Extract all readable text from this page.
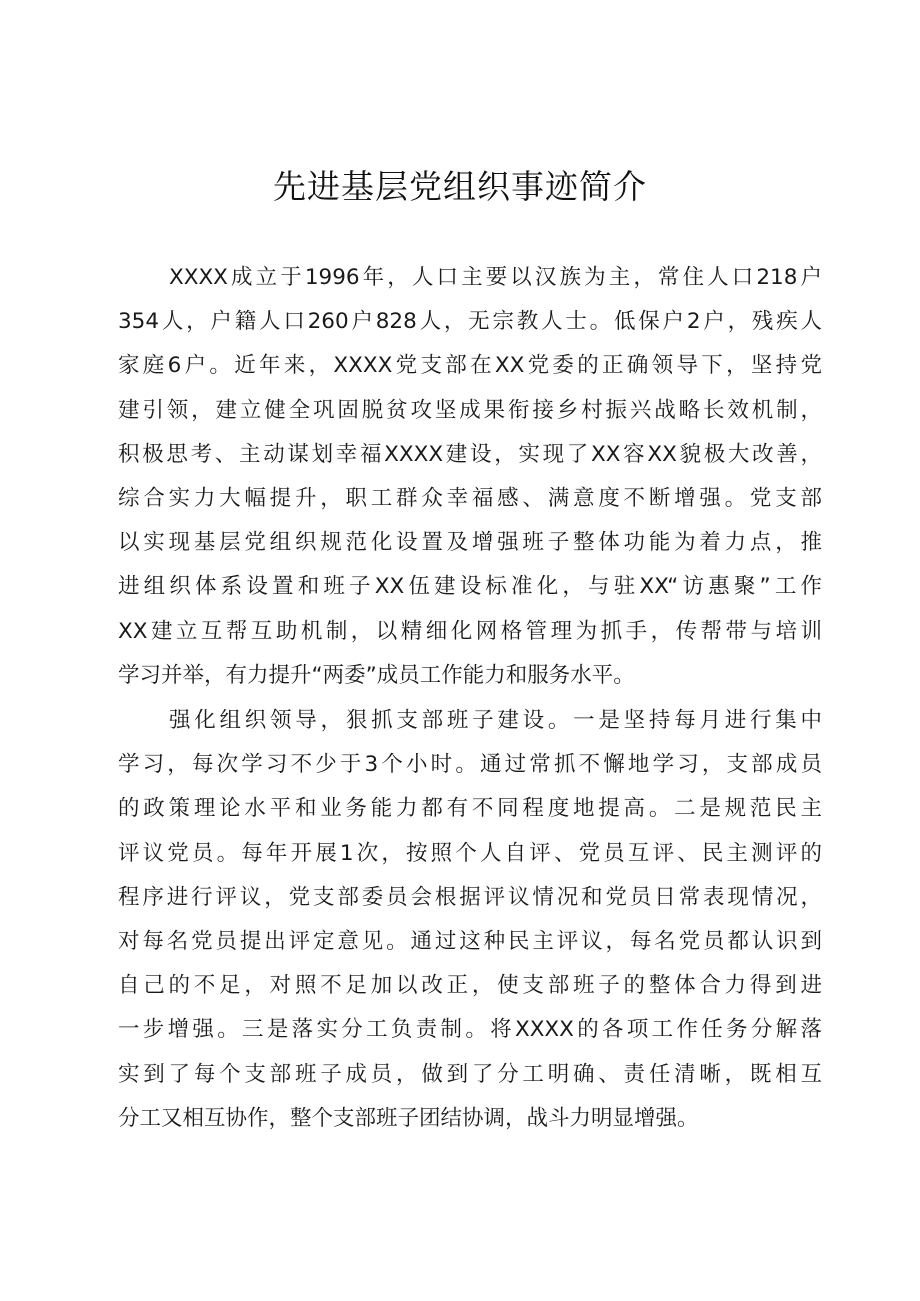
先进基层党组织事迹简介
XXXX成立于1996年，人口主要以汉族为主，常住人口218户
354人，户籍人口260户828人，无宗教人士。低保户2户，残疾人
家庭6户。近年来，XXXX党支部在XX党委的正确领导下，坚持党
建引领，建立健全巩固脱贫攻坚成果衔接乡村振兴战略长效机制，
积极思考、主动谋划幸福XXXX建设，实现了XX容XX貌极大改善，
综合实力大幅提升，职工群众幸福感、满意度不断增强。党支部
以实现基层党组织规范化设置及增强班子整体功能为着力点，推
进组织体系设置和班子XX伍建设标准化，与驻XX“访惠聚”工作
XX建立互帮互助机制，以精细化网格管理为抓手，传帮带与培训
学习并举，有力提升“两委”成员工作能力和服务水平。
强化组织领导，狠抓支部班子建设。一是坚持每月进行集中
学习，每次学习不少于3个小时。通过常抓不懈地学习，支部成员
的政策理论水平和业务能力都有不同程度地提高。二是规范民主
评议党员。每年开展1次，按照个人自评、党员互评、民主测评的
程序进行评议，党支部委员会根据评议情况和党员日常表现情况，
对每名党员提出评定意见。通过这种民主评议，每名党员都认识到
自己的不足，对照不足加以改正，使支部班子的整体合力得到进
一步增强。三是落实分工负责制。将XXXX的各项工作任务分解落
实到了每个支部班子成员，做到了分工明确、责任清晰，既相互
分工又相互协作，整个支部班子团结协调，战斗力明显增强。
